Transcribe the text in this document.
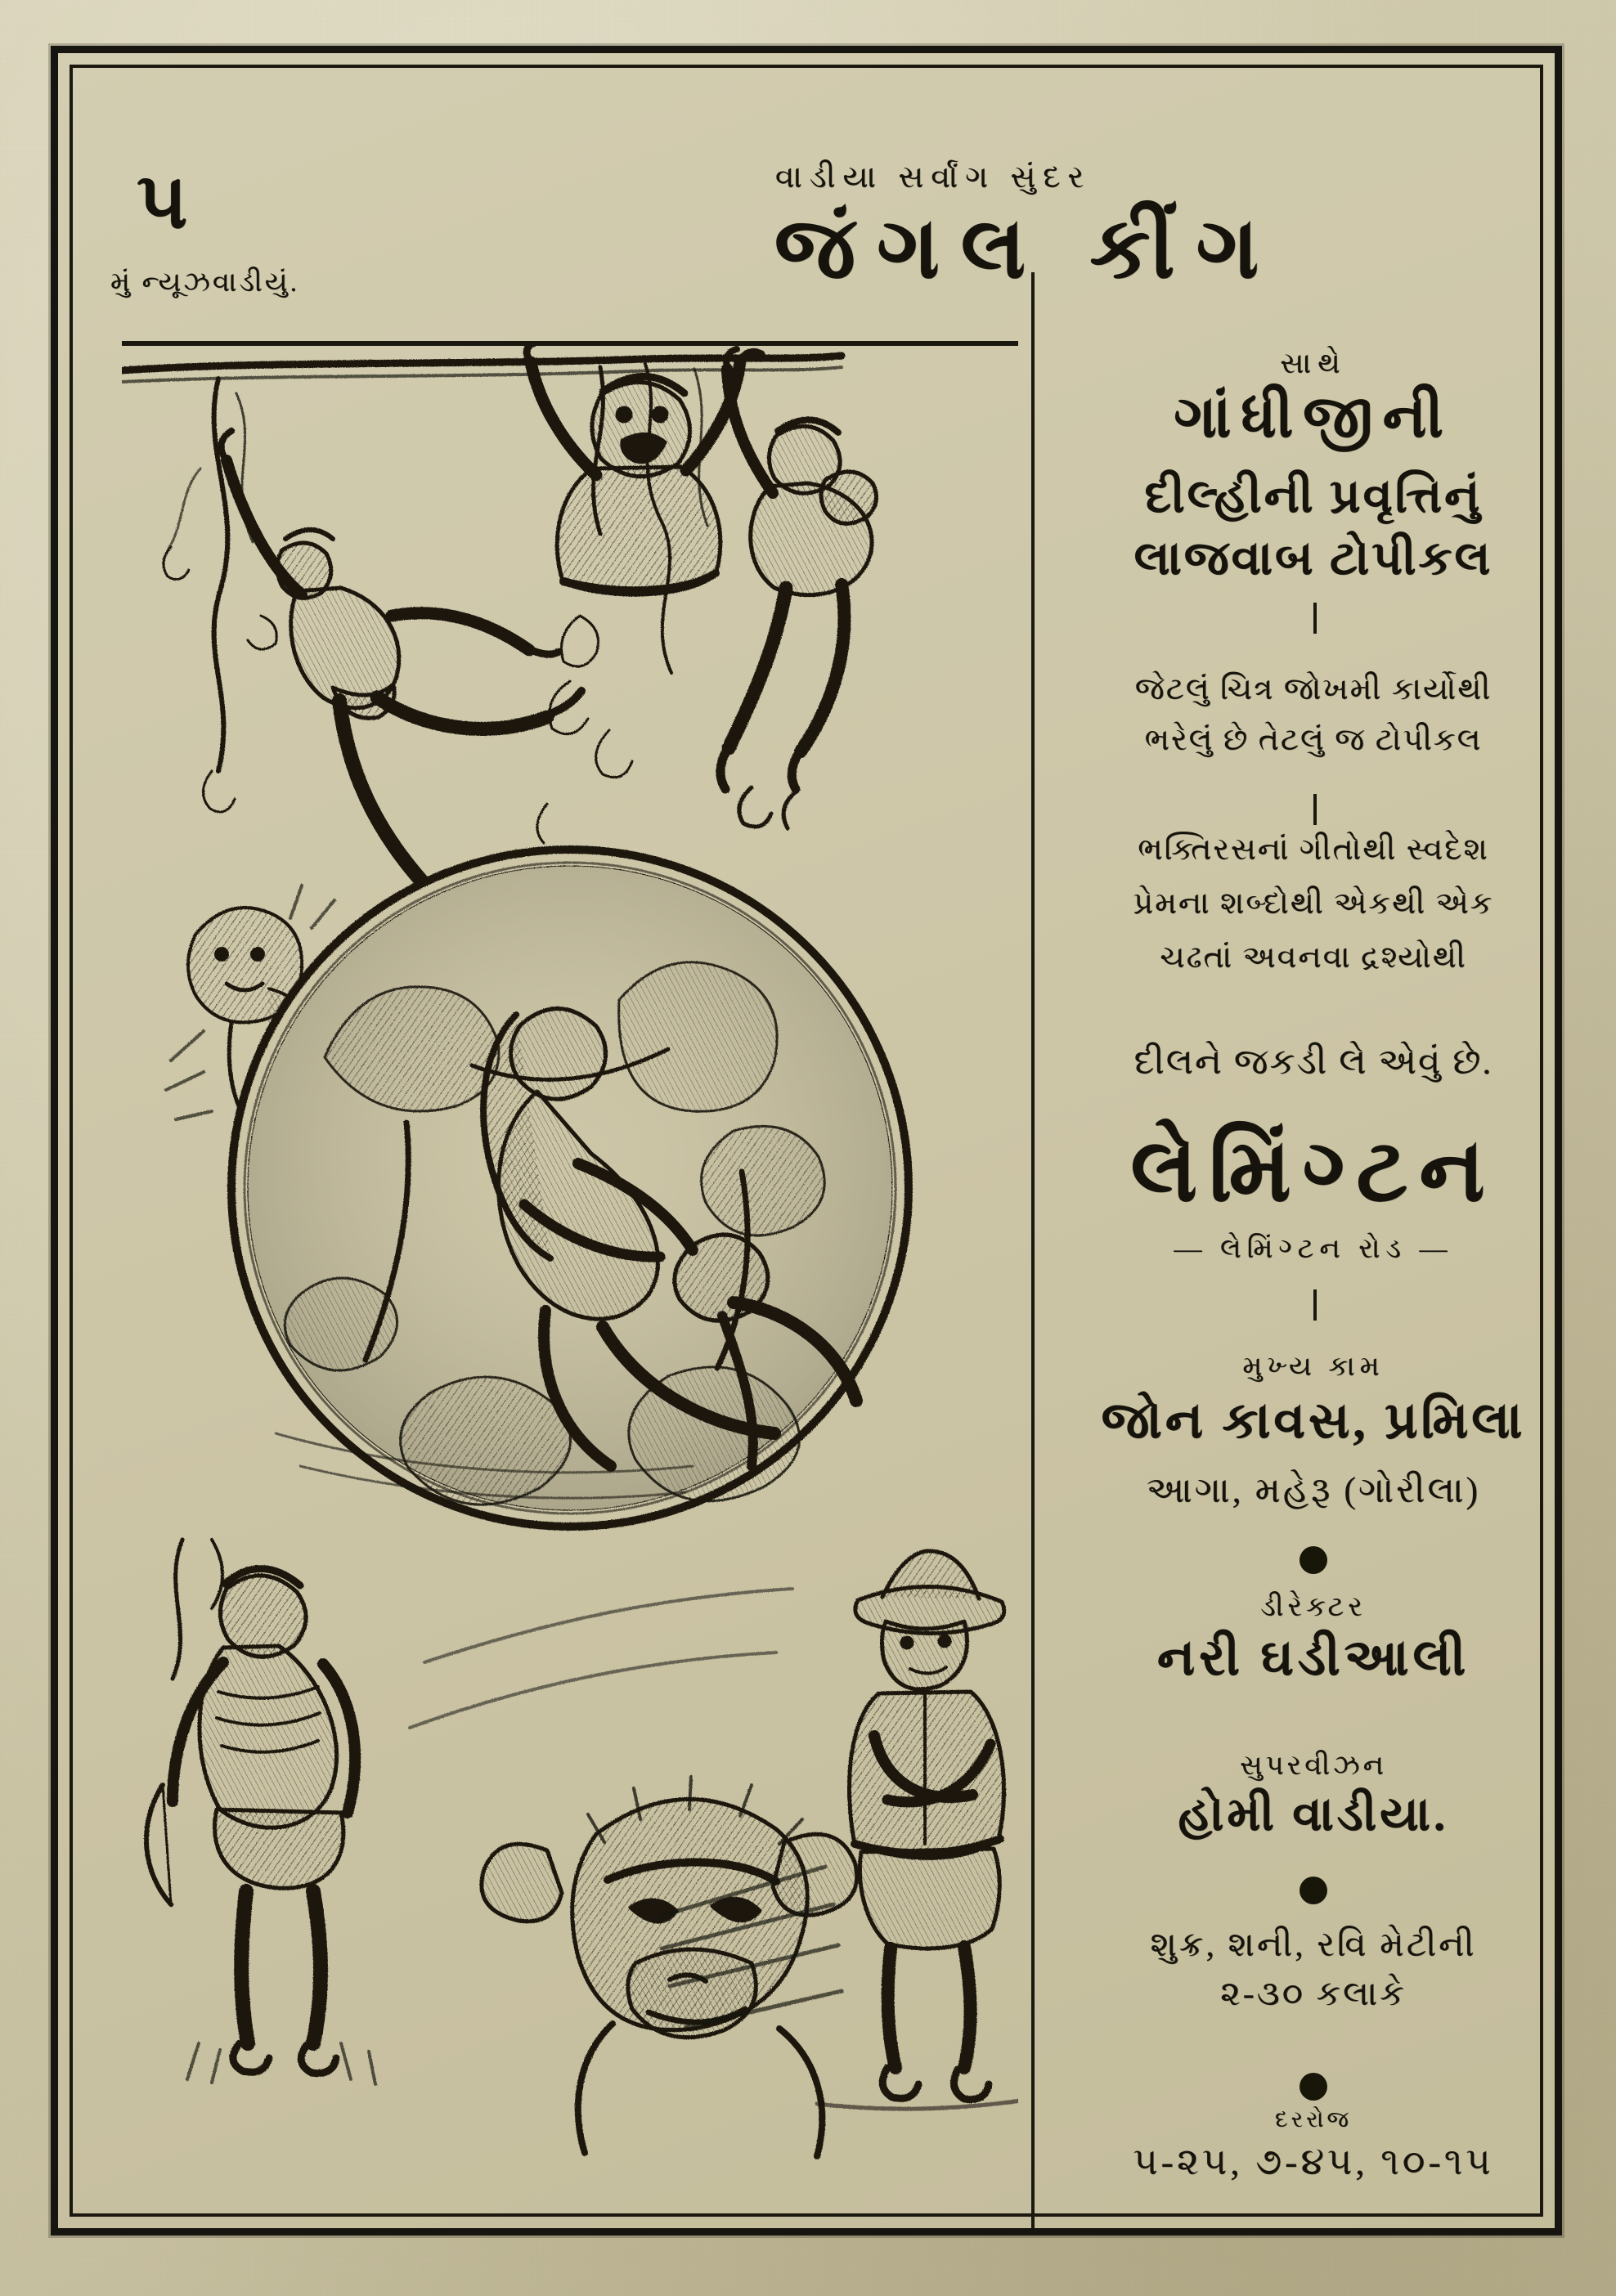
૫
મું ન્યૂઝવાડીયું.
વાડીયા સર્વાંગ સુંદર
જંગલ કીંગ
સાથે
ગાંધીજીની
દીલ્હીની પ્રવૃત્તિનું
લાજવાબ ટોપીકલ
જેટલું ચિત્ર જોખમી કાર્યોથી
ભરેલું છે તેટલું જ ટોપીકલ
ભક્તિરસનાં ગીતોથી સ્વદેશ
પ્રેમના શબ્દોથી એકથી એક
ચઢતાં અવનવા દ્રશ્યોથી
દીલને જકડી લે એવું છે.
લેમિંગ્ટન
— લેમિંગ્ટન રોડ —
મુખ્ય કામ
જોન કાવસ, પ્રમિલા
આગા, મહેરૂ (ગોરીલા)
ડીરેક્ટર
નરી ઘડીઆલી
સુપરવીઝન
હોમી વાડીયા.
શુક્ર, શની, રવિ મેટીની
૨-૩૦ કલાકે
દરરોજ
૫-૨૫, ૭-૪૫, ૧૦-૧૫
